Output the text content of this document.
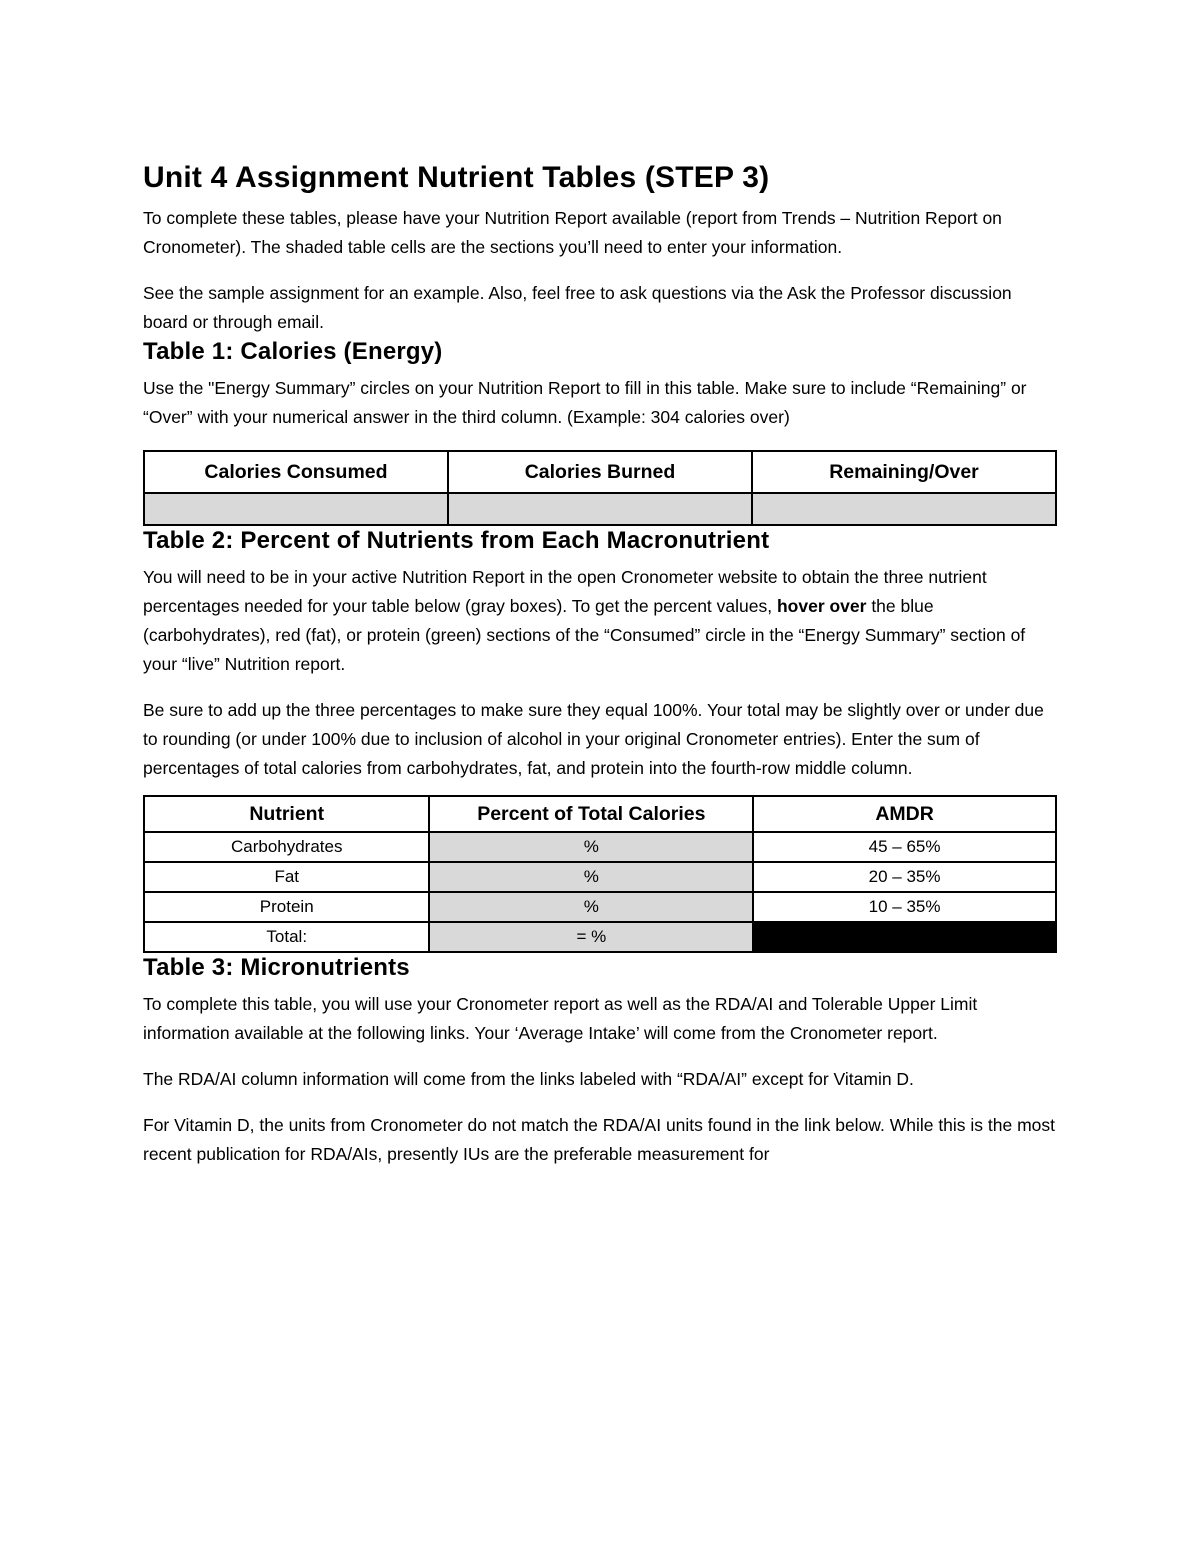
Unit 4 Assignment Nutrient Tables (STEP 3)

To complete these tables, please have your Nutrition Report available (report from Trends – Nutrition Report on Cronometer). The shaded table cells are the sections you’ll need to enter your information.

See the sample assignment for an example. Also, feel free to ask questions via the Ask the Professor discussion board or through email.

Table 1: Calories (Energy)

Use the "Energy Summary” circles on your Nutrition Report to fill in this table. Make sure to include “Remaining” or “Over” with your numerical answer in the third column. (Example: 304 calories over)

Calories Consumed	Calories Burned	Remaining/Over

Table 2: Percent of Nutrients from Each Macronutrient

You will need to be in your active Nutrition Report in the open Cronometer website to obtain the three nutrient percentages needed for your table below (gray boxes). To get the percent values, hover over the blue (carbohydrates), red (fat), or protein (green) sections of the “Consumed” circle in the “Energy Summary” section of your “live” Nutrition report.

Be sure to add up the three percentages to make sure they equal 100%. Your total may be slightly over or under due to rounding (or under 100% due to inclusion of alcohol in your original Cronometer entries). Enter the sum of percentages of total calories from carbohydrates, fat, and protein into the fourth-row middle column.

Nutrient	Percent of Total Calories	AMDR
Carbohydrates	%	45 – 65%
Fat	%	20 – 35%
Protein	%	10 – 35%
Total:	= %	
Table 3: Micronutrients

To complete this table, you will use your Cronometer report as well as the RDA/AI and Tolerable Upper Limit information available at the following links. Your ‘Average Intake’ will come from the Cronometer report.

The RDA/AI column information will come from the links labeled with “RDA/AI” except for Vitamin D.

For Vitamin D, the units from Cronometer do not match the RDA/AI units found in the link below. While this is the most recent publication for RDA/AIs, presently IUs are the preferable measurement for
